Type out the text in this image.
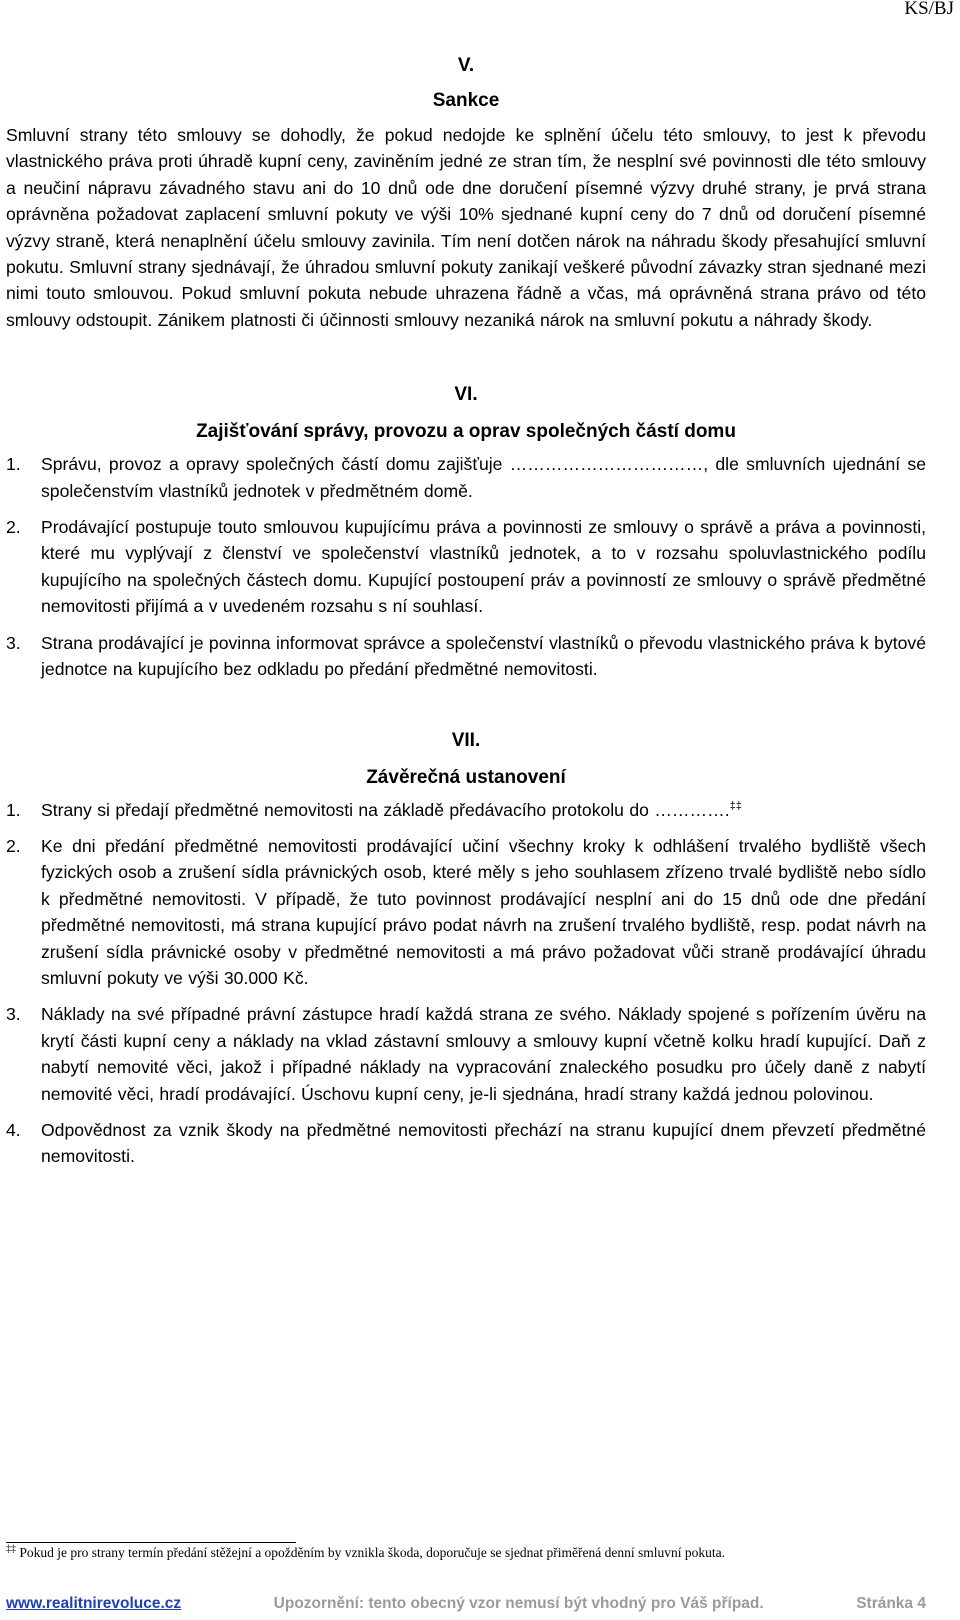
KS/BJ
V.
Sankce

Smluvní strany této smlouvy se dohodly, že pokud nedojde ke splnění účelu této smlouvy, to jest k převodu vlastnického práva proti úhradě kupní ceny, zaviněním jedné ze stran tím, že nesplní své povinnosti dle této smlouvy a neučiní nápravu závadného stavu ani do 10 dnů ode dne doručení písemné výzvy druhé strany, je prvá strana oprávněna požadovat zaplacení smluvní pokuty ve výši 10% sjednané kupní ceny do 7 dnů od doručení písemné výzvy straně, která nenaplnění účelu smlouvy zavinila. Tím není dotčen nárok na náhradu škody přesahující smluvní pokutu. Smluvní strany sjednávají, že úhradou smluvní pokuty zanikají veškeré původní závazky stran sjednané mezi nimi touto smlouvou. Pokud smluvní pokuta nebude uhrazena řádně a včas, má oprávněná strana právo od této smlouvy odstoupit. Zánikem platnosti či účinnosti smlouvy nezaniká nárok na smluvní pokutu a náhrady škody.

VI.
Zajišťování správy, provozu a oprav společných částí domu
1.	Správu, provoz a opravy společných částí domu zajišťuje ……………………………, dle smluvních ujednání se společenstvím vlastníků jednotek v předmětném domě.
2.	Prodávající postupuje touto smlouvou kupujícímu práva a povinnosti ze smlouvy o správě a práva a povinnosti, které mu vyplývají z členství ve společenství vlastníků jednotek, a to v rozsahu spoluvlastnického podílu kupujícího na společných částech domu. Kupující postoupení práv a povinností ze smlouvy o správě předmětné nemovitosti přijímá a v uvedeném rozsahu s ní souhlasí.
3.	Strana prodávající je povinna informovat správce a společenství vlastníků o převodu vlastnického práva k bytové jednotce na kupujícího bez odkladu po předání předmětné nemovitosti.
VII.
Závěrečná ustanovení
1.	Strany si předají předmětné nemovitosti na základě předávacího protokolu do ………….‡‡
2.	Ke dni předání předmětné nemovitosti prodávající učiní všechny kroky k odhlášení trvalého bydliště všech fyzických osob a zrušení sídla právnických osob, které měly s jeho souhlasem zřízeno trvalé bydliště nebo sídlo k předmětné nemovitosti. V případě, že tuto povinnost prodávající nesplní ani do 15 dnů ode dne předání předmětné nemovitosti, má strana kupující právo podat návrh na zrušení trvalého bydliště, resp. podat návrh na zrušení sídla právnické osoby v předmětné nemovitosti a má právo požadovat vůči straně prodávající úhradu smluvní pokuty ve výši 30.000 Kč.
3.	Náklady na své případné právní zástupce hradí každá strana ze svého. Náklady spojené s pořízením úvěru na krytí části kupní ceny a náklady na vklad zástavní smlouvy a smlouvy kupní včetně kolku hradí kupující. Daň z nabytí nemovité věci, jakož i případné náklady na vypracování znaleckého posudku pro účely daně z nabytí nemovité věci, hradí prodávající. Úschovu kupní ceny, je-li sjednána, hradí strany každá jednou polovinou.
4.	Odpovědnost za vznik škody na předmětné nemovitosti přechází na stranu kupující dnem převzetí předmětné nemovitosti.
‡‡ Pokud je pro strany termín předání stěžejní a opožděním by vznikla škoda, doporučuje se sjednat přiměřená denní smluvní pokuta.
www.realitnirevoluce.cz	Upozornění: tento obecný vzor nemusí být vhodný pro Váš případ.	Stránka 4
